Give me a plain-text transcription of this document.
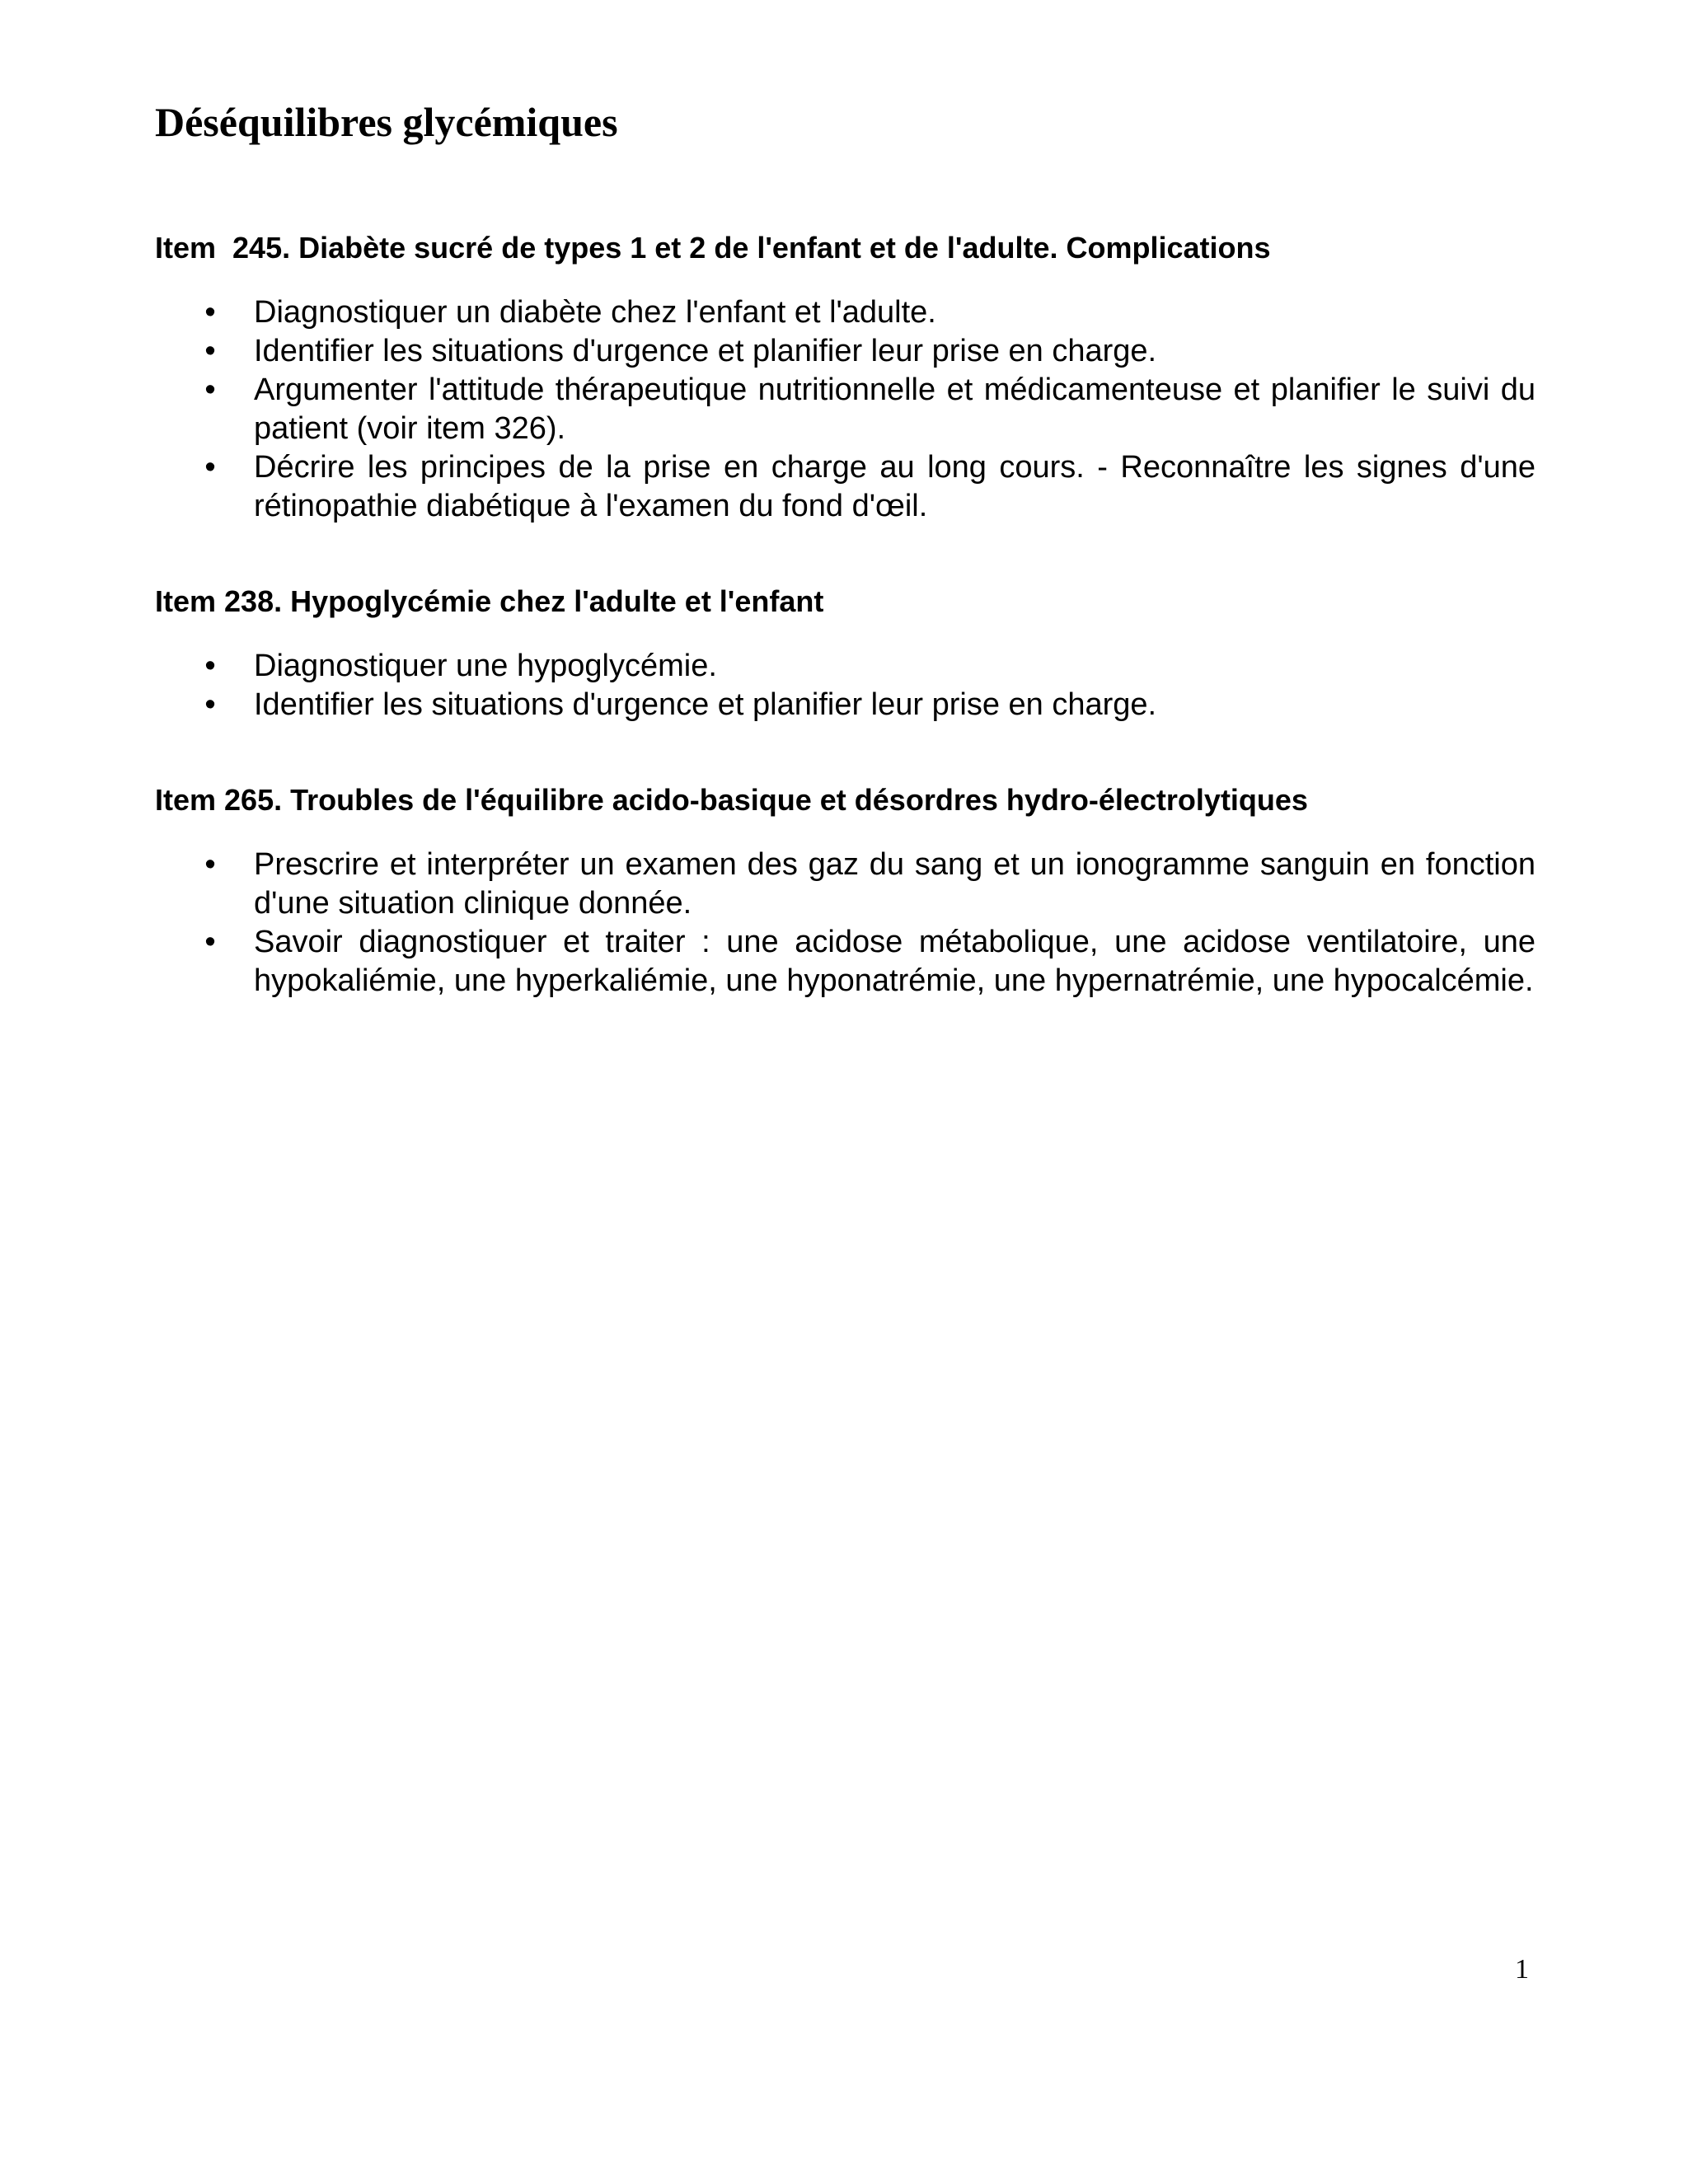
Déséquilibres glycémiques
Item  245. Diabète sucré de types 1 et 2 de l'enfant et de l'adulte. Complications
• Diagnostiquer un diabète chez l'enfant et l'adulte.
• Identifier les situations d'urgence et planifier leur prise en charge.
• Argumenter l'attitude thérapeutique nutritionnelle et médicamenteuse et planifier le suivi du patient (voir item 326).
• Décrire les principes de la prise en charge au long cours. - Reconnaître les signes d'une rétinopathie diabétique à l'examen du fond d'œil.
Item 238. Hypoglycémie chez l'adulte et l'enfant
• Diagnostiquer une hypoglycémie.
• Identifier les situations d'urgence et planifier leur prise en charge.
Item 265. Troubles de l'équilibre acido-basique et désordres hydro-électrolytiques
• Prescrire et interpréter un examen des gaz du sang et un ionogramme sanguin en fonction d'une situation clinique donnée.
• Savoir diagnostiquer et traiter : une acidose métabolique, une acidose ventilatoire, une hypokaliémie, une hyperkaliémie, une hyponatrémie, une hypernatrémie, une hypocalcémie.
1
